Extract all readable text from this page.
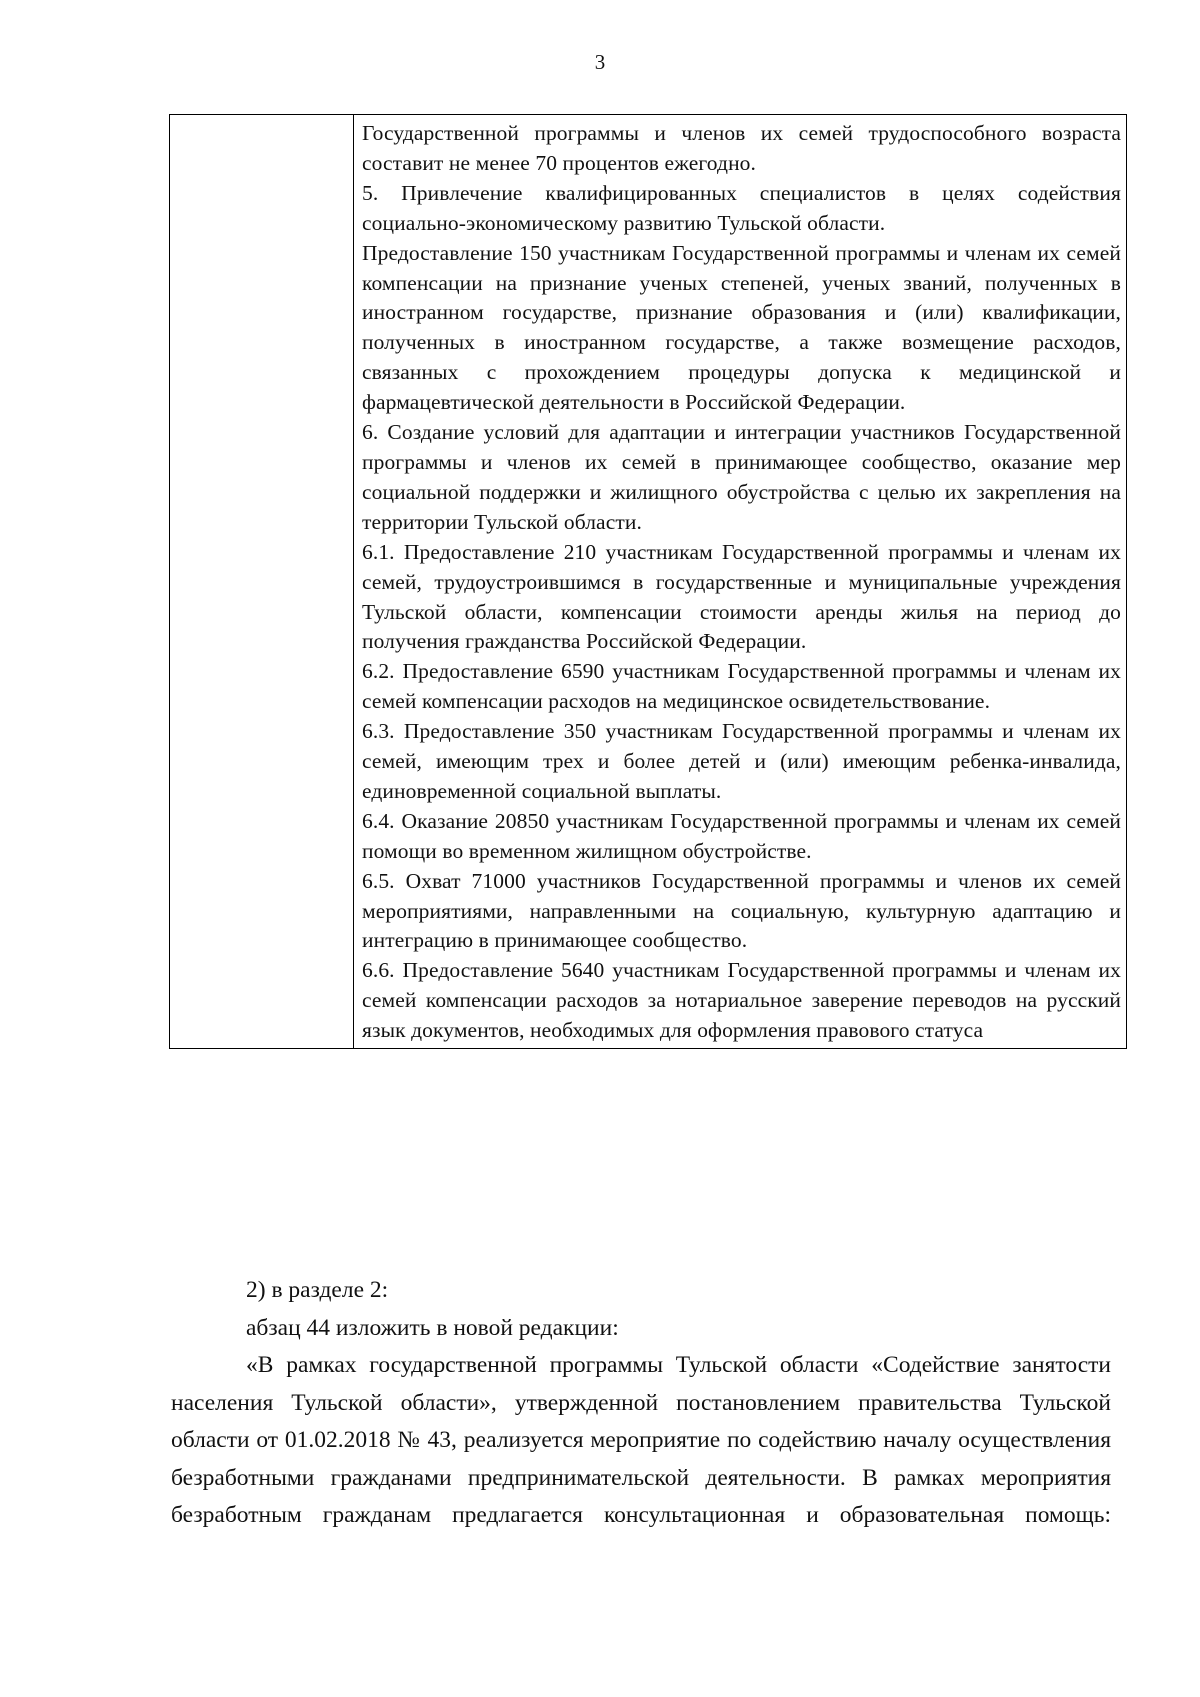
3

Государственной программы и членов их семей трудоспособного возраста составит не менее 70 процентов ежегодно.

5. Привлечение квалифицированных специалистов в целях содействия социально-экономическому развитию Тульской области.

Предоставление 150 участникам Государственной программы и членам их семей компенсации на признание ученых степеней, ученых званий, полученных в иностранном государстве, признание образования и (или) квалификации, полученных в иностранном государстве, а также возмещение расходов, связанных с прохождением процедуры допуска к медицинской и фармацевтической деятельности в Российской Федерации.

6. Создание условий для адаптации и интеграции участников Государственной программы и членов их семей в принимающее сообщество, оказание мер социальной поддержки и жилищного обустройства с целью их закрепления на территории Тульской области.

6.1. Предоставление 210 участникам Государственной программы и членам их семей, трудоустроившимся в государственные и муниципальные учреждения Тульской области, компенсации стоимости аренды жилья на период до получения гражданства Российской Федерации.

6.2. Предоставление 6590 участникам Государственной программы и членам их семей компенсации расходов на медицинское освидетельствование.

6.3. Предоставление 350 участникам Государственной программы и членам их семей, имеющим трех и более детей и (или) имеющим ребенка-инвалида, единовременной социальной выплаты.

6.4. Оказание 20850 участникам Государственной программы и членам их семей помощи во временном жилищном обустройстве.

6.5. Охват 71000 участников Государственной программы и членов их семей мероприятиями, направленными на социальную, культурную адаптацию и интеграцию в принимающее сообщество.

6.6. Предоставление 5640 участникам Государственной программы и членам их семей компенсации расходов за нотариальное заверение переводов на русский язык документов, необходимых для оформления правового статуса

2) в разделе 2:

абзац 44 изложить в новой редакции:

«В рамках государственной программы Тульской области «Содействие занятости населения Тульской области», утвержденной постановлением правительства Тульской области от 01.02.2018 № 43, реализуется мероприятие по содействию началу осуществления безработными гражданами предпринимательской деятельности. В рамках мероприятия безработным гражданам предлагается консультационная и образовательная помощь:
